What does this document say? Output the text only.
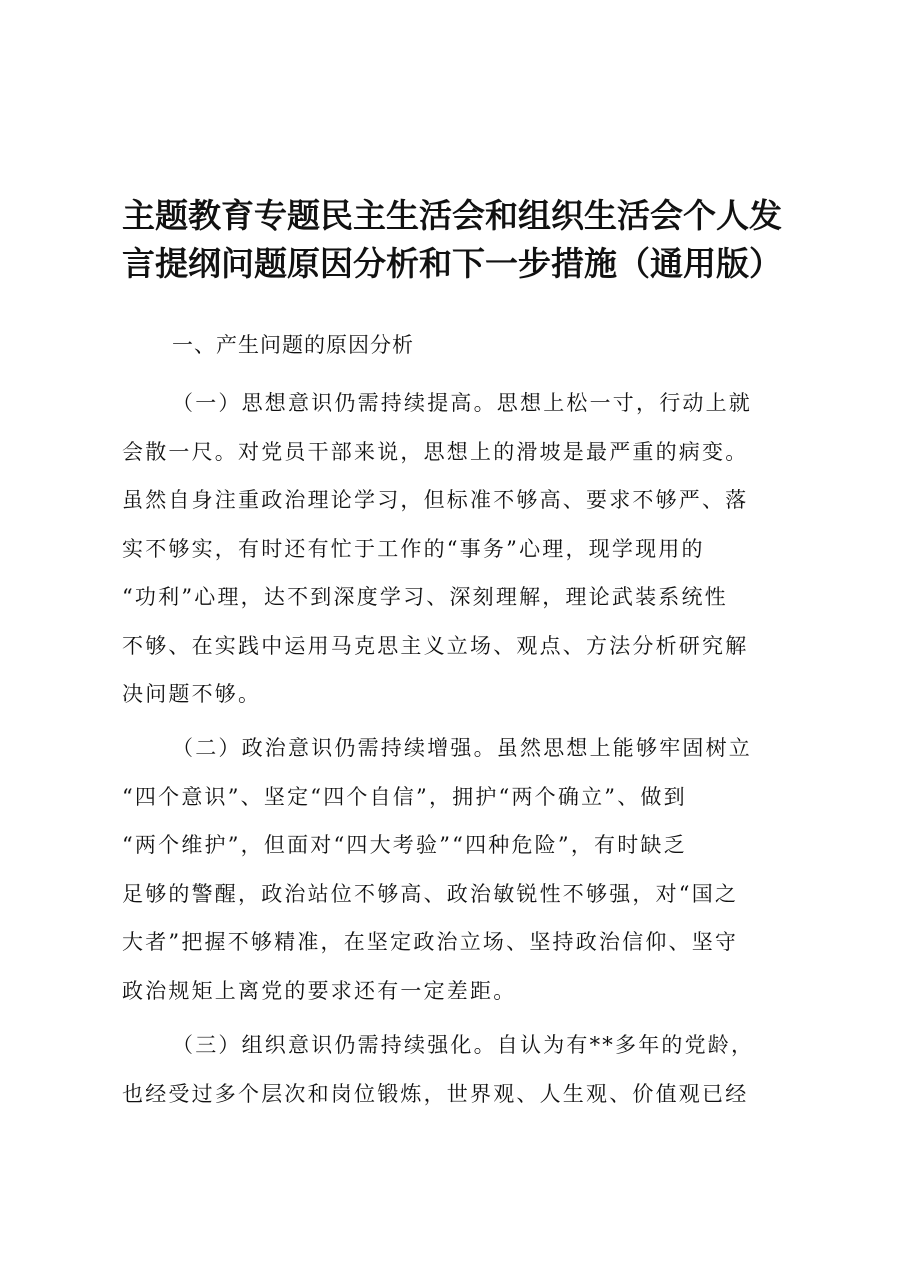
主题教育专题民主生活会和组织生活会个人发
言提纲问题原因分析和下一步措施（通用版）
一、产生问题的原因分析
（一）思想意识仍需持续提高。思想上松一寸，行动上就
会散一尺。对党员干部来说，思想上的滑坡是最严重的病变。
虽然自身注重政治理论学习，但标准不够高、要求不够严、落
实不够实，有时还有忙于工作的“事务”心理，现学现用的
“功利”心理，达不到深度学习、深刻理解，理论武装系统性
不够、在实践中运用马克思主义立场、观点、方法分析研究解
决问题不够。
（二）政治意识仍需持续增强。虽然思想上能够牢固树立
“四个意识”、坚定“四个自信”，拥护“两个确立”、做到
“两个维护”，但面对“四大考验”“四种危险”，有时缺乏
足够的警醒，政治站位不够高、政治敏锐性不够强，对“国之
大者”把握不够精准，在坚定政治立场、坚持政治信仰、坚守
政治规矩上离党的要求还有一定差距。
（三）组织意识仍需持续强化。自认为有**多年的党龄，
也经受过多个层次和岗位锻炼，世界观、人生观、价值观已经
